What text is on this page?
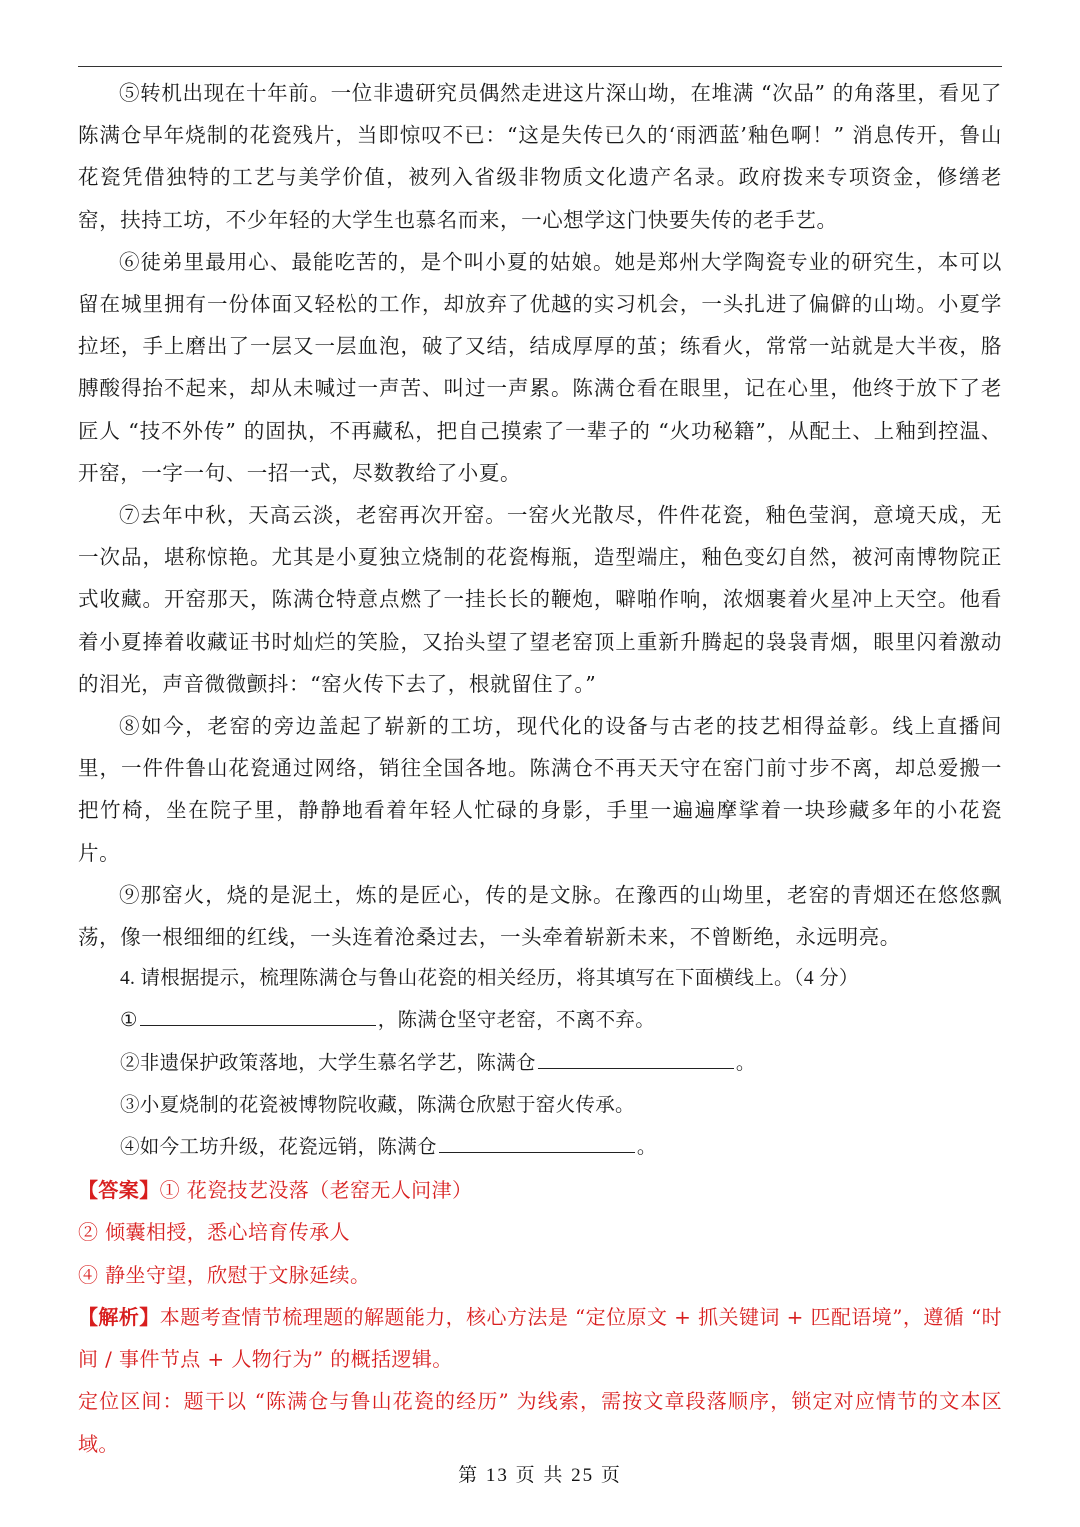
⑤转机出现在十年前。一位非遗研究员偶然走进这片深山坳，在堆满 “次品” 的角落里，看见了陈满仓早年烧制的花瓷残片，当即惊叹不已：“这是失传已久的‘雨洒蓝’釉色啊！” 消息传开，鲁山花瓷凭借独特的工艺与美学价值，被列入省级非物质文化遗产名录。政府拨来专项资金，修缮老窑，扶持工坊，不少年轻的大学生也慕名而来，一心想学这门快要失传的老手艺。

⑥徒弟里最用心、最能吃苦的，是个叫小夏的姑娘。她是郑州大学陶瓷专业的研究生，本可以留在城里拥有一份体面又轻松的工作，却放弃了优越的实习机会，一头扎进了偏僻的山坳。小夏学拉坯，手上磨出了一层又一层血泡，破了又结，结成厚厚的茧；练看火，常常一站就是大半夜，胳膊酸得抬不起来，却从未喊过一声苦、叫过一声累。陈满仓看在眼里，记在心里，他终于放下了老匠人 “技不外传” 的固执，不再藏私，把自己摸索了一辈子的 “火功秘籍”，从配土、上釉到控温、开窑，一字一句、一招一式，尽数教给了小夏。

⑦去年中秋，天高云淡，老窑再次开窑。一窑火光散尽，件件花瓷，釉色莹润，意境天成，无一次品，堪称惊艳。尤其是小夏独立烧制的花瓷梅瓶，造型端庄，釉色变幻自然，被河南博物院正式收藏。开窑那天，陈满仓特意点燃了一挂长长的鞭炮，噼啪作响，浓烟裹着火星冲上天空。他看着小夏捧着收藏证书时灿烂的笑脸，又抬头望了望老窑顶上重新升腾起的袅袅青烟，眼里闪着激动的泪光，声音微微颤抖：“窑火传下去了，根就留住了。”

⑧如今，老窑的旁边盖起了崭新的工坊，现代化的设备与古老的技艺相得益彰。线上直播间里，一件件鲁山花瓷通过网络，销往全国各地。陈满仓不再天天守在窑门前寸步不离，却总爱搬一把竹椅，坐在院子里，静静地看着年轻人忙碌的身影，手里一遍遍摩挲着一块珍藏多年的小花瓷片。

⑨那窑火，烧的是泥土，炼的是匠心，传的是文脉。在豫西的山坳里，老窑的青烟还在悠悠飘荡，像一根细细的红线，一头连着沧桑过去，一头牵着崭新未来，不曾断绝，永远明亮。

4. 请根据提示，梳理陈满仓与鲁山花瓷的相关经历，将其填写在下面横线上。（4 分）

①	，陈满仓坚守老窑，不离不弃。

②非遗保护政策落地，大学生慕名学艺，陈满仓	。

③小夏烧制的花瓷被博物院收藏，陈满仓欣慰于窑火传承。

④如今工坊升级，花瓷远销，陈满仓	。

【答案】① 花瓷技艺没落（老窑无人问津）

② 倾囊相授，悉心培育传承人

④ 静坐守望，欣慰于文脉延续。

【解析】本题考查情节梳理题的解题能力，核心方法是 “定位原文 + 抓关键词 + 匹配语境”，遵循 “时间 / 事件节点 + 人物行为” 的概括逻辑。

定位区间：题干以 “陈满仓与鲁山花瓷的经历” 为线索，需按文章段落顺序，锁定对应情节的文本区域。

第 13 页 共 25 页
